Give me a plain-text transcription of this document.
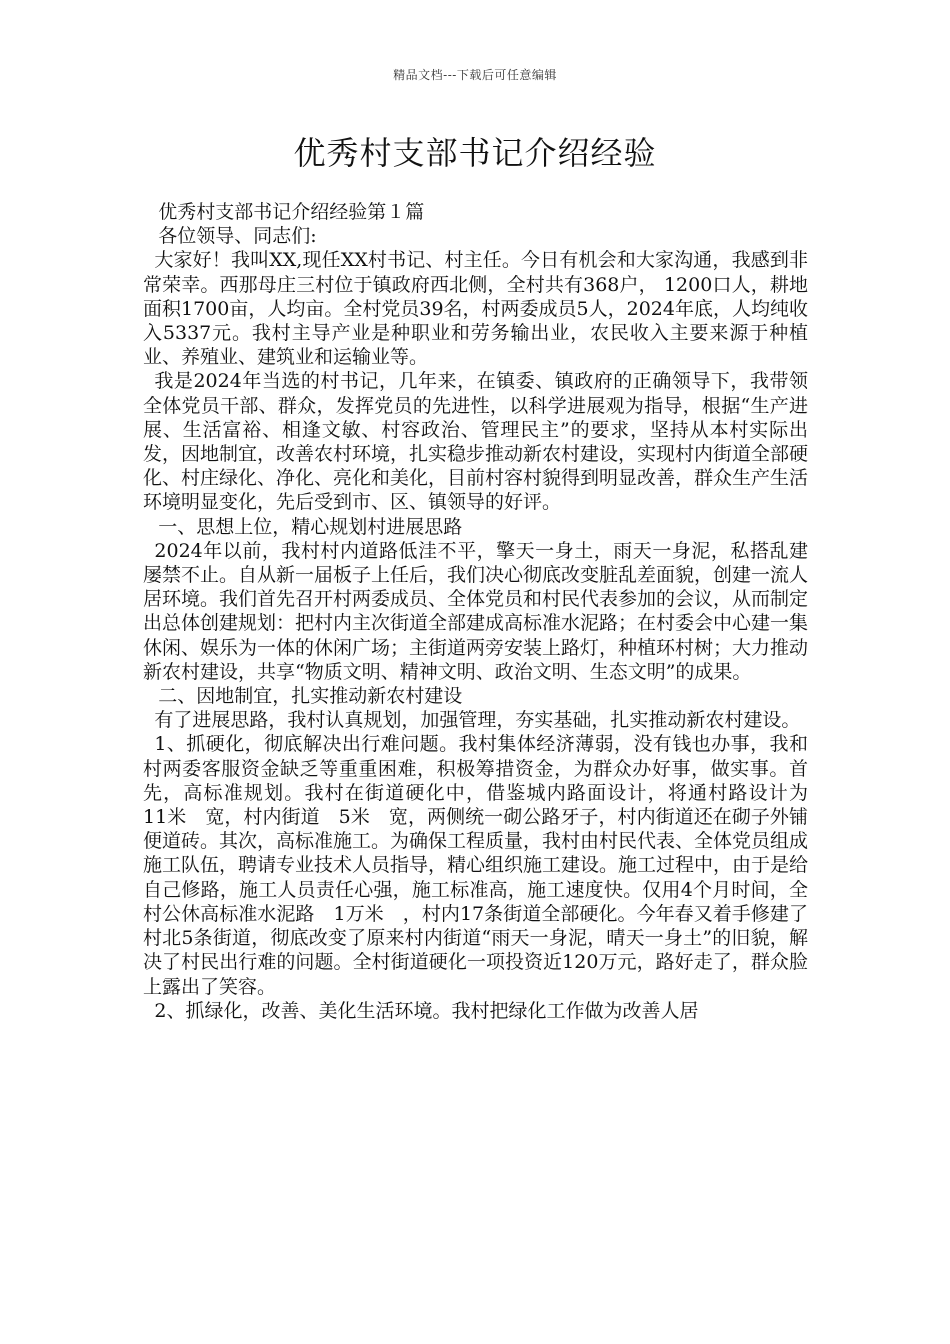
精品文档---下载后可任意编辑
优秀村支部书记介绍经验

优秀村支部书记介绍经验第１篇

各位领导、同志们:

大家好！我叫XX,现任XX村书记、村主任。今日有机会和大家沟通，我感到非常荣幸。西那母庄三村位于镇政府西北侧，全村共有368户， 1200口人，耕地面积1700亩，人均亩。全村党员39名，村两委成员5人，2024年底，人均纯收入5337元。我村主导产业是种职业和劳务输出业，农民收入主要来源于种植业、养殖业、建筑业和运输业等。

我是2024年当选的村书记，几年来，在镇委、镇政府的正确领导下，我带领全体党员干部、群众，发挥党员的先进性，以科学进展观为指导，根据“生产进展、生活富裕、相逢文敏、村容政治、管理民主”的要求，坚持从本村实际出发，因地制宜，改善农村环境，扎实稳步推动新农村建设，实现村内街道全部硬化、村庄绿化、净化、亮化和美化，目前村容村貌得到明显改善，群众生产生活环境明显变化，先后受到市、区、镇领导的好评。

一、思想上位，精心规划村进展思路

2024年以前，我村村内道路低洼不平，擎天一身土，雨天一身泥，私搭乱建屡禁不止。自从新一届板子上任后，我们决心彻底改变脏乱差面貌，创建一流人居环境。我们首先召开村两委成员、全体党员和村民代表参加的会议，从而制定出总体创建规划：把村内主次街道全部建成高标准水泥路；在村委会中心建一集休闲、娱乐为一体的休闲广场；主街道两旁安装上路灯，种植环村树；大力推动新农村建设，共享“物质文明、精神文明、政治文明、生态文明”的成果。

二、因地制宜，扎实推动新农村建设

有了进展思路，我村认真规划，加强管理，夯实基础，扎实推动新农村建设。

1、抓硬化，彻底解决出行难问题。我村集体经济薄弱，没有钱也办事，我和村两委客服资金缺乏等重重困难，积极筹措资金，为群众办好事，做实事。首先，高标准规划。我村在街道硬化中，借鉴城内路面设计，将通村路设计为　11米　宽，村内街道　5米　宽，两侧统一砌公路牙子，村内街道还在砌子外铺便道砖。其次，高标准施工。为确保工程质量，我村由村民代表、全体党员组成施工队伍，聘请专业技术人员指导，精心组织施工建设。施工过程中，由于是给自己修路，施工人员责任心强，施工标准高，施工速度快。仅用4个月时间，全村公休高标准水泥路　1万米　，村内17条街道全部硬化。今年春又着手修建了村北5条街道，彻底改变了原来村内街道“雨天一身泥，晴天一身土”的旧貌，解决了村民出行难的问题。全村街道硬化一项投资近120万元，路好走了，群众脸上露出了笑容。

2、抓绿化，改善、美化生活环境。我村把绿化工作做为改善人居
